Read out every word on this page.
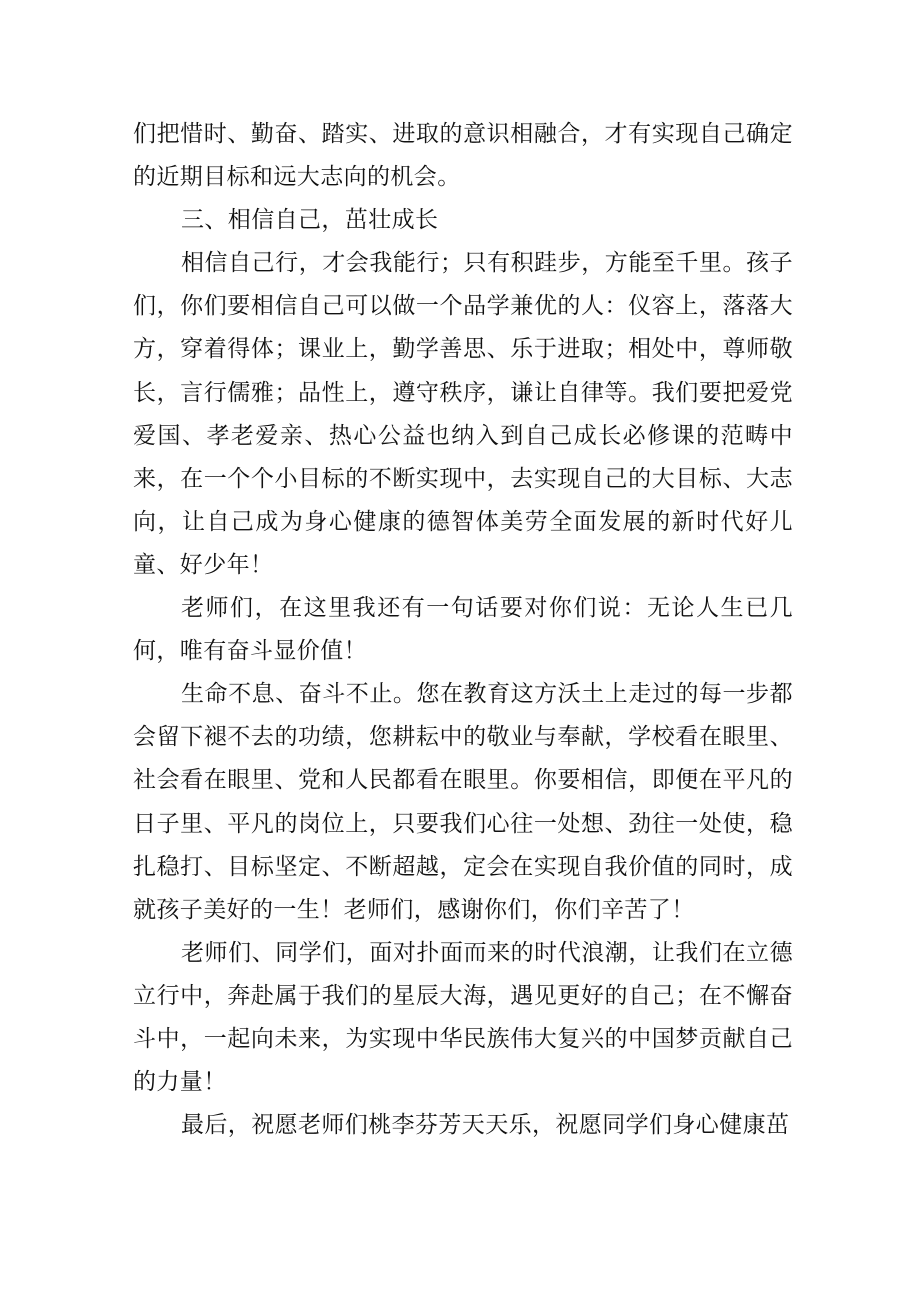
们把惜时、勤奋、踏实、进取的意识相融合，才有实现自己确定的近期目标和远大志向的机会。

三、相信自己，茁壮成长

相信自己行，才会我能行；只有积跬步，方能至千里。孩子们，你们要相信自己可以做一个品学兼优的人：仪容上，落落大方，穿着得体；课业上，勤学善思、乐于进取；相处中，尊师敬长，言行儒雅；品性上，遵守秩序，谦让自律等。我们要把爱党爱国、孝老爱亲、热心公益也纳入到自己成长必修课的范畴中来，在一个个小目标的不断实现中，去实现自己的大目标、大志向，让自己成为身心健康的德智体美劳全面发展的新时代好儿童、好少年！

老师们，在这里我还有一句话要对你们说：无论人生已几何，唯有奋斗显价值！

生命不息、奋斗不止。您在教育这方沃土上走过的每一步都会留下褪不去的功绩，您耕耘中的敬业与奉献，学校看在眼里、社会看在眼里、党和人民都看在眼里。你要相信，即便在平凡的日子里、平凡的岗位上，只要我们心往一处想、劲往一处使，稳扎稳打、目标坚定、不断超越，定会在实现自我价值的同时，成就孩子美好的一生！老师们，感谢你们，你们辛苦了！

老师们、同学们，面对扑面而来的时代浪潮，让我们在立德立行中，奔赴属于我们的星辰大海，遇见更好的自己；在不懈奋斗中，一起向未来，为实现中华民族伟大复兴的中国梦贡献自己的力量！

最后，祝愿老师们桃李芬芳天天乐，祝愿同学们身心健康茁
